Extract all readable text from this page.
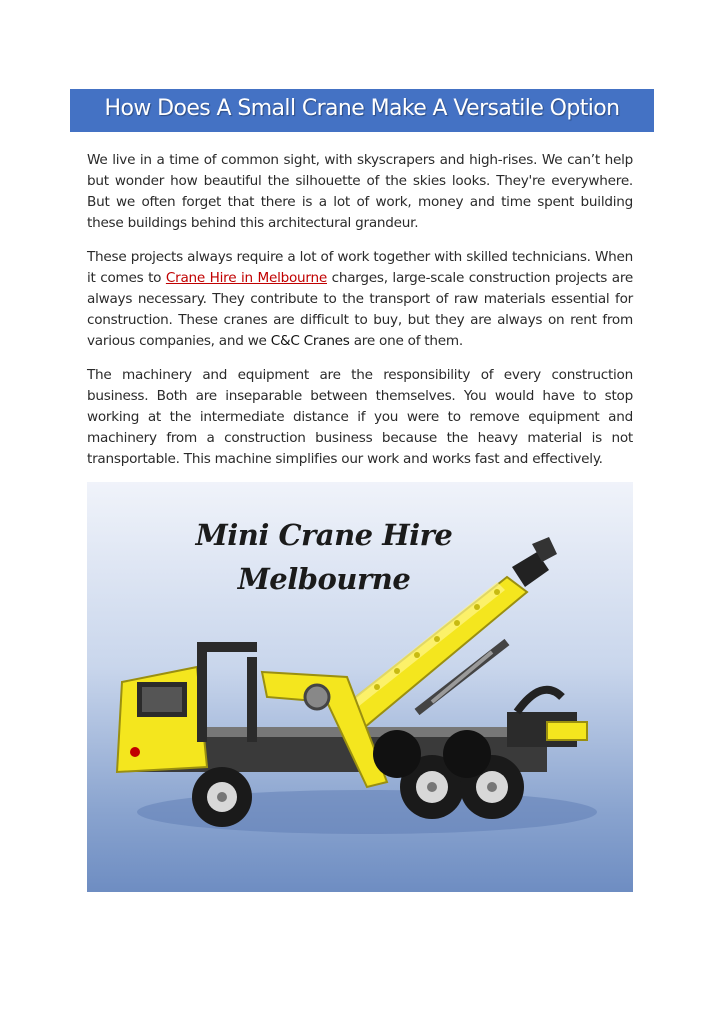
How Does A Small Crane Make A Versatile Option

We live in a time of common sight, with skyscrapers and high-rises. We can’t help but wonder how beautiful the silhouette of the skies looks. They're everywhere. But we often forget that there is a lot of work, money and time spent building these buildings behind this architectural grandeur.

These projects always require a lot of work together with skilled technicians. When it comes to Crane Hire in Melbourne charges, large-scale construction projects are always necessary. They contribute to the transport of raw materials essential for construction. These cranes are difficult to buy, but they are always on rent from various companies, and we C&C Cranes are one of them.

The machinery and equipment are the responsibility of every construction business. Both are inseparable between themselves. You would have to stop working at the intermediate distance if you were to remove equipment and machinery from a construction business because the heavy material is not transportable. This machine simplifies our work and works fast and effectively.

Mini Crane Hire
Melbourne
